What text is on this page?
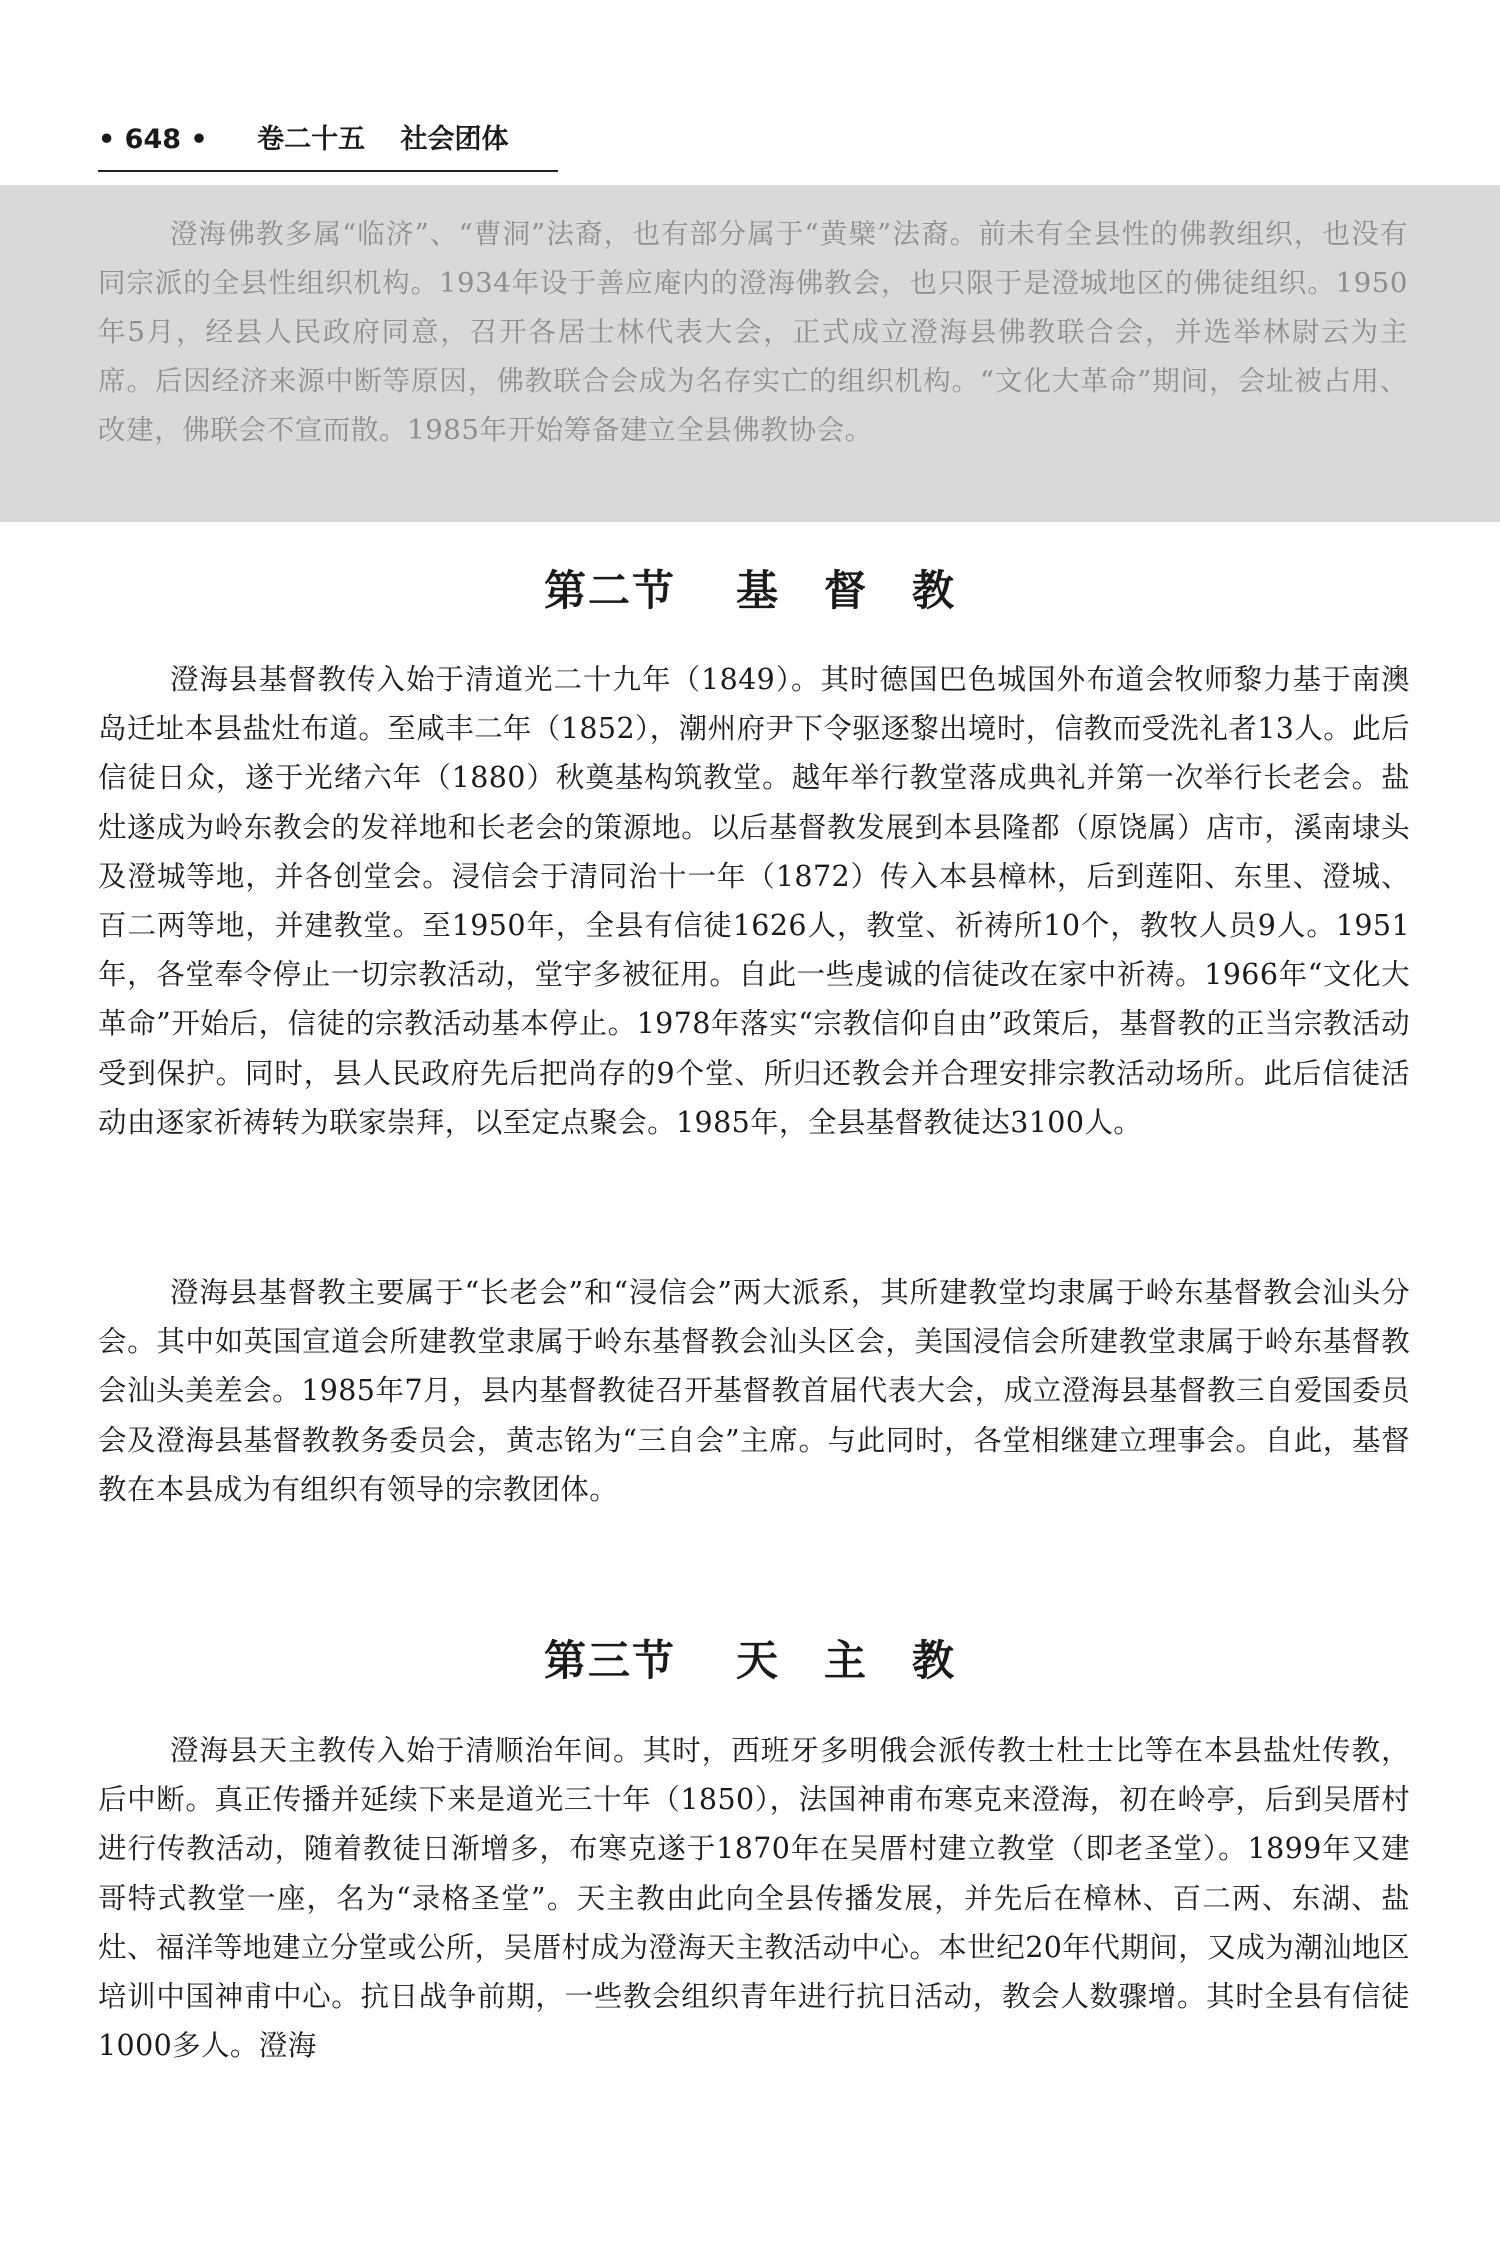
• 648 • 卷二十五 社会团体

澄海佛教多属“临济”、“曹洞”法裔，也有部分属于“黄檗”法裔。前未有全县性的佛教组织，也没有同宗派的全县性组织机构。1934年设于善应庵内的澄海佛教会，也只限于是澄城地区的佛徒组织。1950年5月，经县人民政府同意，召开各居士林代表大会，正式成立澄海县佛教联合会，并选举林尉云为主席。后因经济来源中断等原因，佛教联合会成为名存实亡的组织机构。“文化大革命”期间，会址被占用、改建，佛联会不宣而散。1985年开始筹备建立全县佛教协会。

第二节 基　督　教

澄海县基督教传入始于清道光二十九年（1849）。其时德国巴色城国外布道会牧师黎力基于南澳岛迁址本县盐灶布道。至咸丰二年（1852），潮州府尹下令驱逐黎出境时，信教而受洗礼者13人。此后信徒日众，遂于光绪六年（1880）秋奠基构筑教堂。越年举行教堂落成典礼并第一次举行长老会。盐灶遂成为岭东教会的发祥地和长老会的策源地。以后基督教发展到本县隆都（原饶属）店市，溪南埭头及澄城等地，并各创堂会。浸信会于清同治十一年（1872）传入本县樟林，后到莲阳、东里、澄城、百二两等地，并建教堂。至1950年，全县有信徒1626人，教堂、祈祷所10个，教牧人员9人。1951年，各堂奉令停止一切宗教活动，堂宇多被征用。自此一些虔诚的信徒改在家中祈祷。1966年“文化大革命”开始后，信徒的宗教活动基本停止。1978年落实“宗教信仰自由”政策后，基督教的正当宗教活动受到保护。同时，县人民政府先后把尚存的9个堂、所归还教会并合理安排宗教活动场所。此后信徒活动由逐家祈祷转为联家崇拜，以至定点聚会。1985年，全县基督教徒达3100人。

澄海县基督教主要属于“长老会”和“浸信会”两大派系，其所建教堂均隶属于岭东基督教会汕头分会。其中如英国宣道会所建教堂隶属于岭东基督教会汕头区会，美国浸信会所建教堂隶属于岭东基督教会汕头美差会。1985年7月，县内基督教徒召开基督教首届代表大会，成立澄海县基督教三自爱国委员会及澄海县基督教教务委员会，黄志铭为“三自会”主席。与此同时，各堂相继建立理事会。自此，基督教在本县成为有组织有领导的宗教团体。

第三节 天　主　教

澄海县天主教传入始于清顺治年间。其时，西班牙多明俄会派传教士杜士比等在本县盐灶传教，后中断。真正传播并延续下来是道光三十年（1850），法国神甫布寒克来澄海，初在岭亭，后到吴厝村进行传教活动，随着教徒日渐增多，布寒克遂于1870年在吴厝村建立教堂（即老圣堂）。1899年又建哥特式教堂一座，名为“录格圣堂”。天主教由此向全县传播发展，并先后在樟林、百二两、东湖、盐灶、福洋等地建立分堂或公所，吴厝村成为澄海天主教活动中心。本世纪20年代期间，又成为潮汕地区培训中国神甫中心。抗日战争前期，一些教会组织青年进行抗日活动，教会人数骤增。其时全县有信徒1000多人。澄海
